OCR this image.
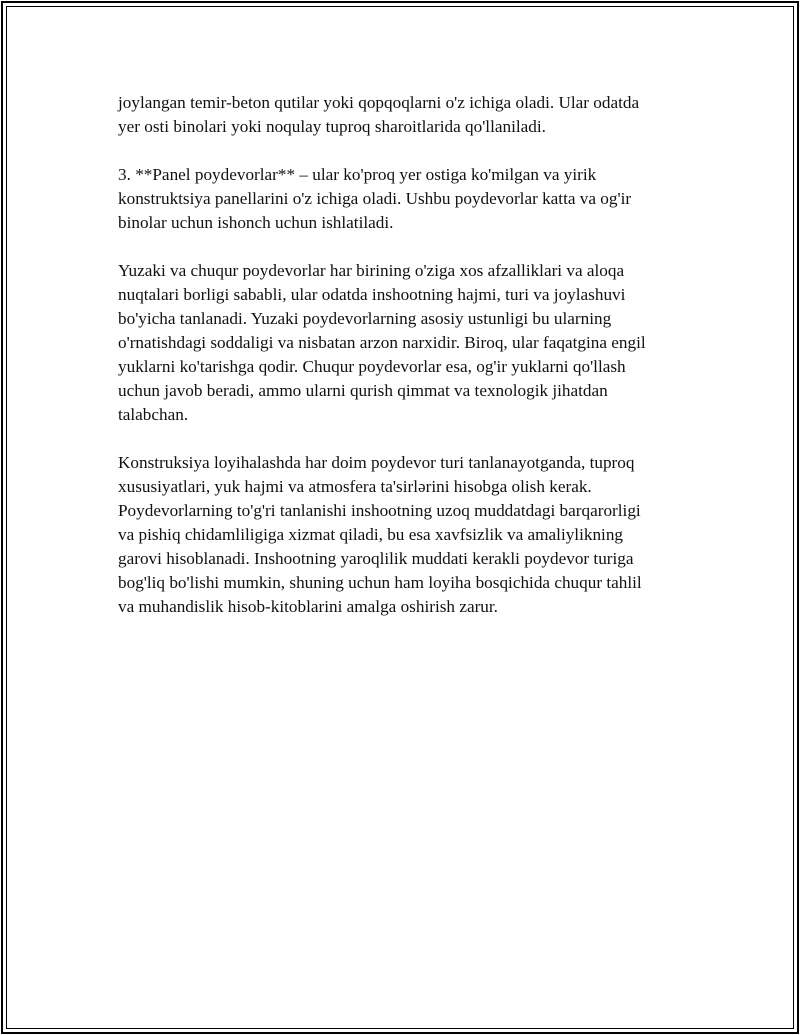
joylangan temir-beton qutilar yoki qopqoqlarni o'z ichiga oladi. Ular odatda
yer osti binolari yoki noqulay tuproq sharoitlarida qo'llaniladi.

3. **Panel poydevorlar** – ular ko'proq yer ostiga ko'milgan va yirik
konstruktsiya panellarini o'z ichiga oladi. Ushbu poydevorlar katta va og'ir
binolar uchun ishonch uchun ishlatiladi.

Yuzaki va chuqur poydevorlar har birining o'ziga xos afzalliklari va aloqa
nuqtalari borligi sababli, ular odatda inshootning hajmi, turi va joylashuvi
bo'yicha tanlanadi. Yuzaki poydevorlarning asosiy ustunligi bu ularning
o'rnatishdagi soddaligi va nisbatan arzon narxidir. Biroq, ular faqatgina engil
yuklarni ko'tarishga qodir. Chuqur poydevorlar esa, og'ir yuklarni qo'llash
uchun javob beradi, ammo ularni qurish qimmat va texnologik jihatdan
talabchan.

Konstruksiya loyihalashda har doim poydevor turi tanlanayotganda, tuproq
xususiyatlari, yuk hajmi va atmosfera ta'sirlərini hisobga olish kerak.
Poydevorlarning to'g'ri tanlanishi inshootning uzoq muddatdagi barqarorligi
va pishiq chidamliligiga xizmat qiladi, bu esa xavfsizlik va amaliylikning
garovi hisoblanadi. Inshootning yaroqlilik muddati kerakli poydevor turiga
bog'liq bo'lishi mumkin, shuning uchun ham loyiha bosqichida chuqur tahlil
va muhandislik hisob-kitoblarini amalga oshirish zarur.
